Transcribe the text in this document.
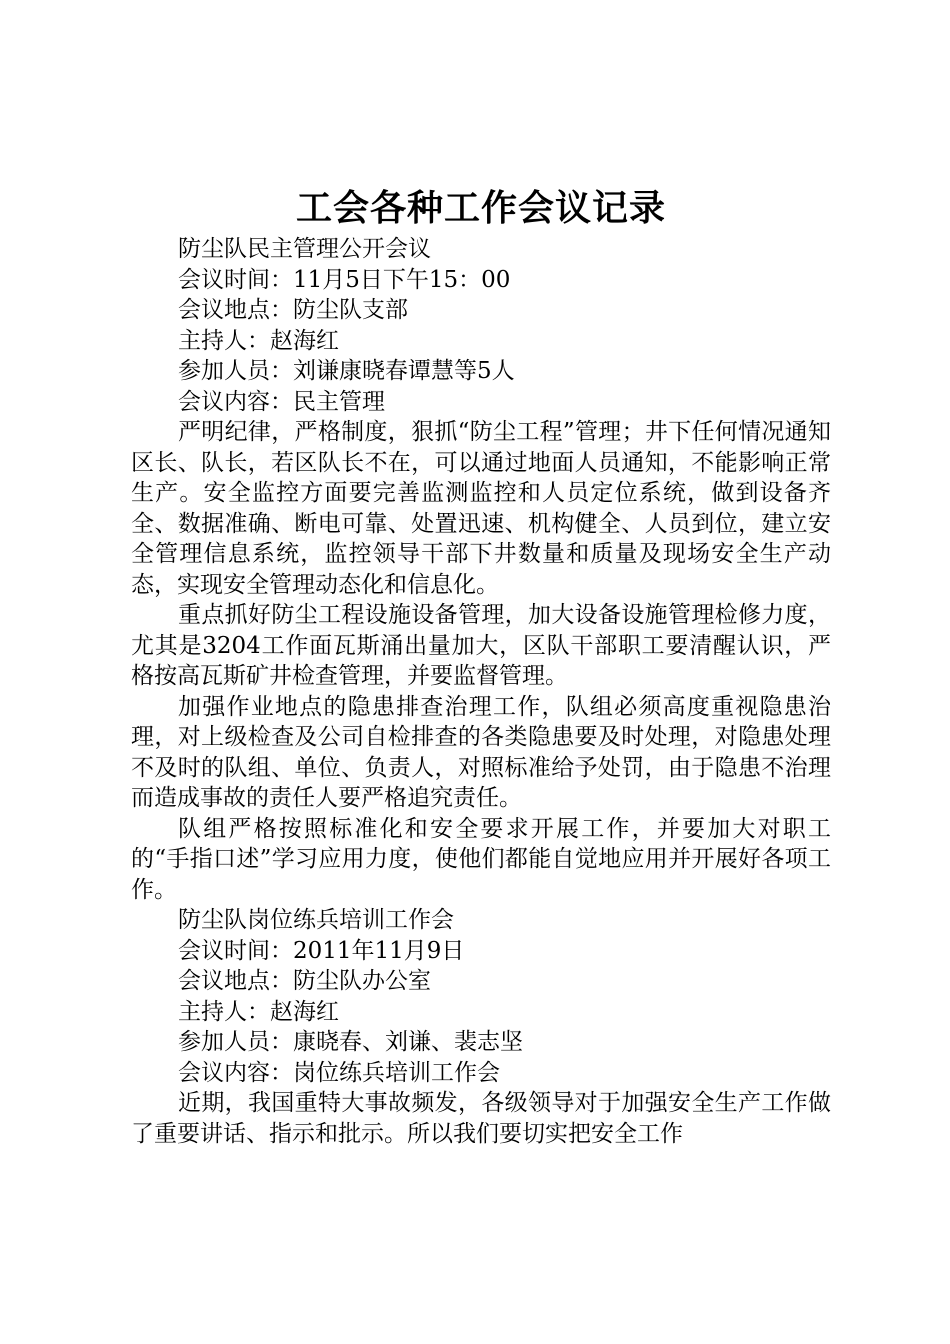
工会各种工作会议记录

防尘队民主管理公开会议

会议时间：11月5日下午15：00

会议地点：防尘队支部

主持人：赵海红

参加人员：刘谦康晓春谭慧等5人

会议内容：民主管理

严明纪律，严格制度，狠抓“防尘工程”管理；井下任何情况通知区长、队长，若区队长不在，可以通过地面人员通知，不能影响正常生产。安全监控方面要完善监测监控和人员定位系统，做到设备齐全、数据准确、断电可靠、处置迅速、机构健全、人员到位，建立安全管理信息系统，监控领导干部下井数量和质量及现场安全生产动态，实现安全管理动态化和信息化。

重点抓好防尘工程设施设备管理，加大设备设施管理检修力度，尤其是3204工作面瓦斯涌出量加大，区队干部职工要清醒认识，严格按高瓦斯矿井检查管理，并要监督管理。

加强作业地点的隐患排查治理工作，队组必须高度重视隐患治理，对上级检查及公司自检排查的各类隐患要及时处理，对隐患处理不及时的队组、单位、负责人，对照标准给予处罚，由于隐患不治理而造成事故的责任人要严格追究责任。

队组严格按照标准化和安全要求开展工作，并要加大对职工的“手指口述”学习应用力度，使他们都能自觉地应用并开展好各项工作。

防尘队岗位练兵培训工作会

会议时间：2011年11月9日

会议地点：防尘队办公室

主持人：赵海红

参加人员：康晓春、刘谦、裴志坚

会议内容：岗位练兵培训工作会

近期，我国重特大事故频发，各级领导对于加强安全生产工作做了重要讲话、指示和批示。所以我们要切实把安全工作
